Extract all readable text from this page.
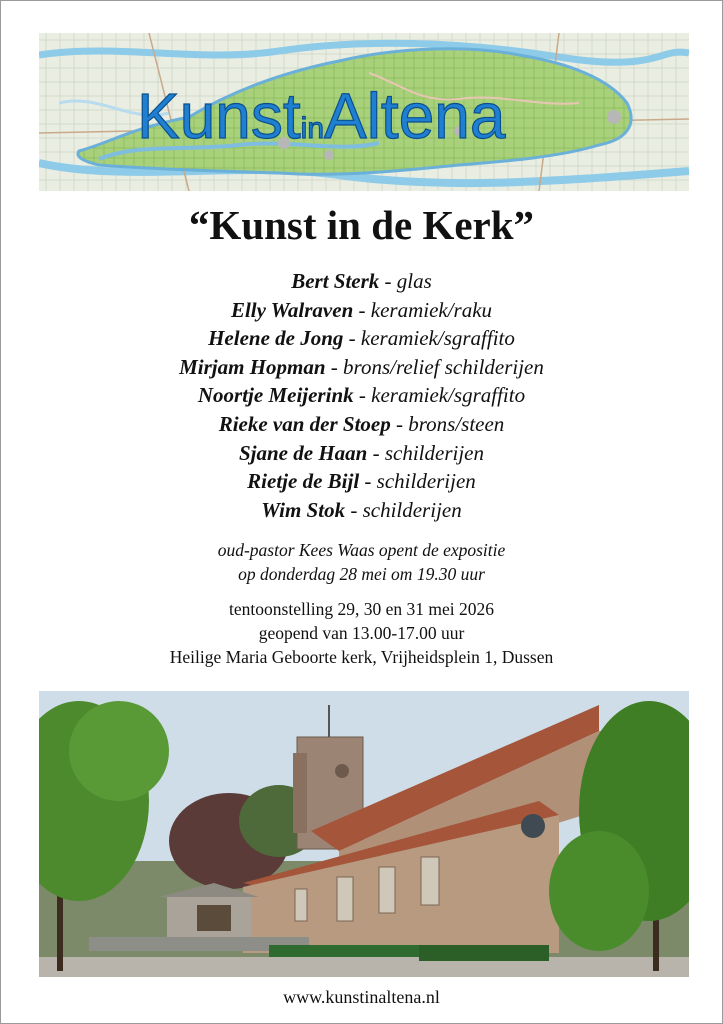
KunstinAltena
“Kunst in de Kerk”
Bert Sterk - glas
Elly Walraven - keramiek/raku
Helene de Jong - keramiek/sgraffito
Mirjam Hopman - brons/relief schilderijen
Noortje Meijerink - keramiek/sgraffito
Rieke van der Stoep - brons/steen
Sjane de Haan - schilderijen
Rietje de Bijl - schilderijen
Wim Stok - schilderijen
oud-pastor Kees Waas opent de expositie
op donderdag 28 mei om 19.30 uur
tentoonstelling 29, 30 en 31 mei 2026
geopend van 13.00-17.00 uur
Heilige Maria Geboorte kerk, Vrijheidsplein 1, Dussen
www.kunstinaltena.nl
